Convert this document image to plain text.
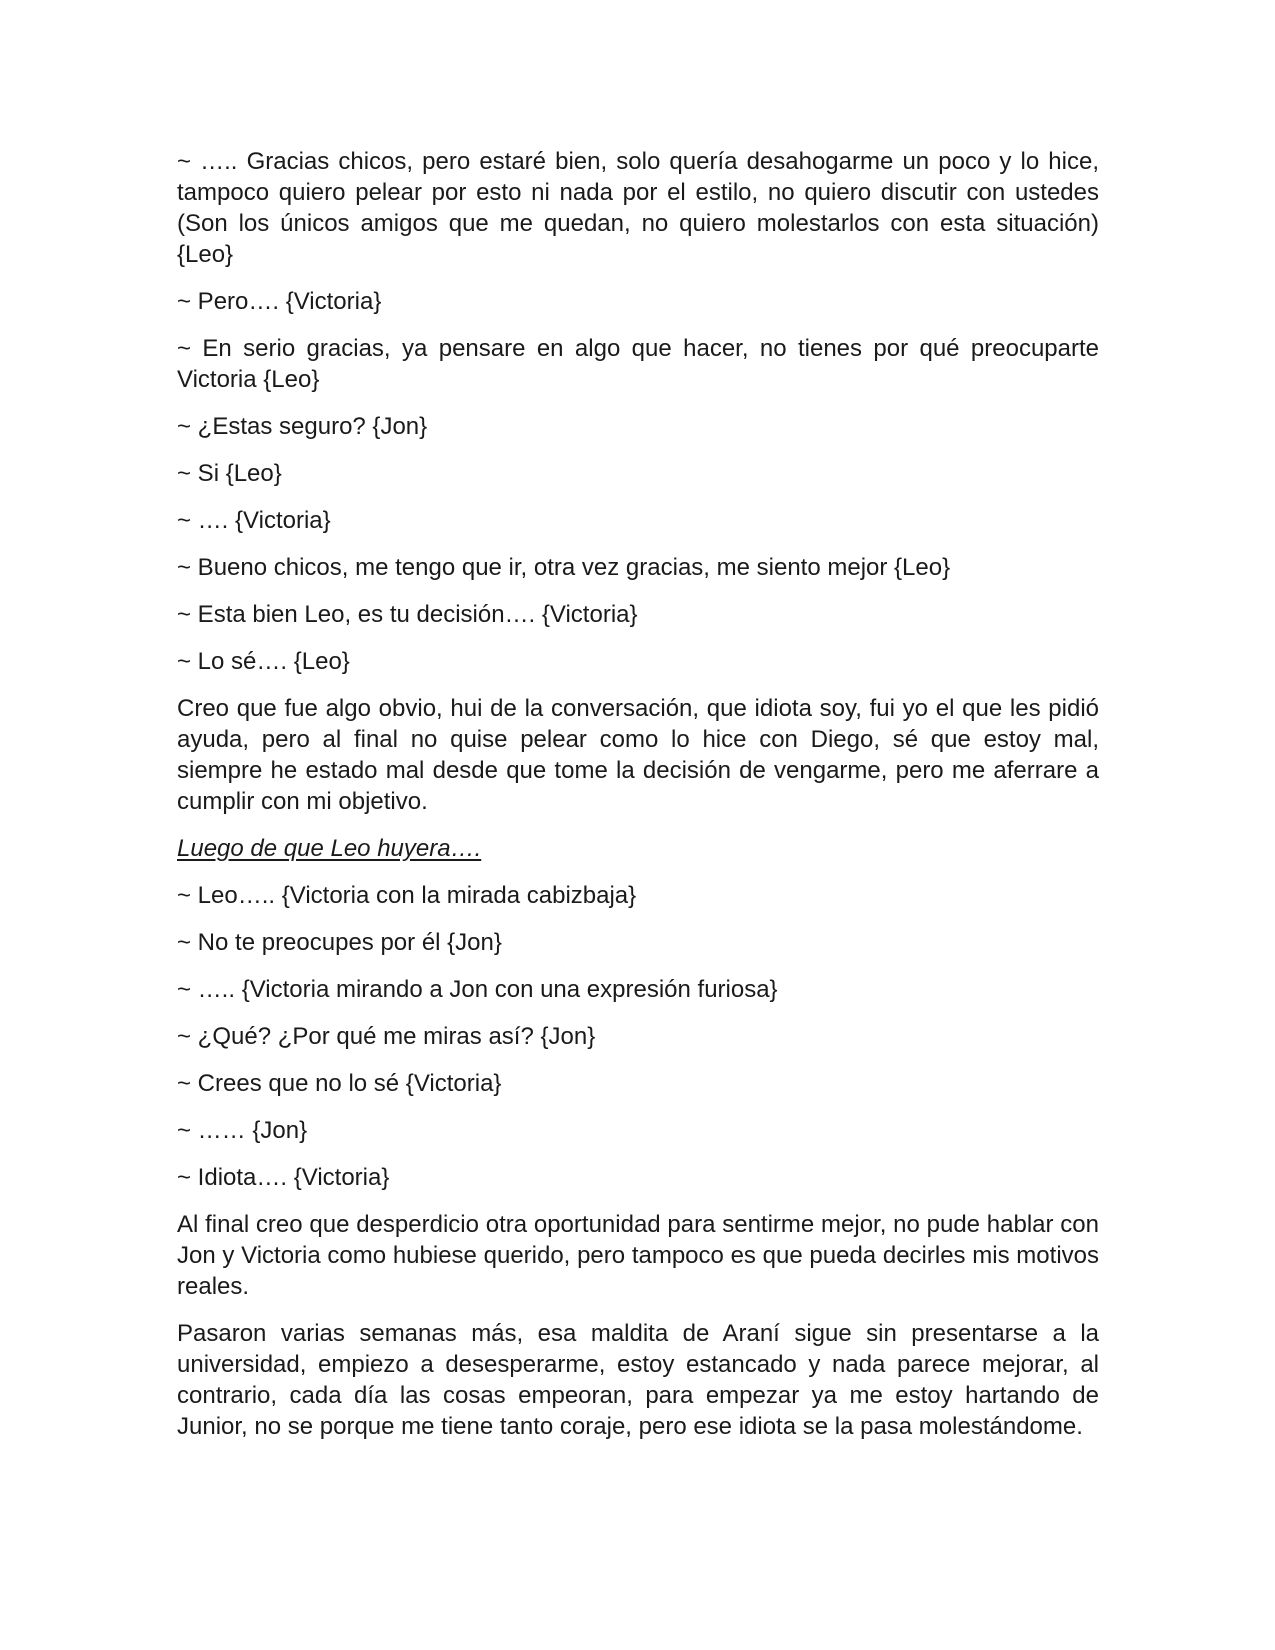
~ ….. Gracias chicos, pero estaré bien, solo quería desahogarme un poco y lo hice, tampoco quiero pelear por esto ni nada por el estilo, no quiero discutir con ustedes (Son los únicos amigos que me quedan, no quiero molestarlos con esta situación) {Leo}

~ Pero…. {Victoria}

~ En serio gracias, ya pensare en algo que hacer, no tienes por qué preocuparte Victoria {Leo}

~ ¿Estas seguro? {Jon}

~ Si {Leo}

~ …. {Victoria}

~ Bueno chicos, me tengo que ir, otra vez gracias, me siento mejor {Leo}

~ Esta bien Leo, es tu decisión…. {Victoria}

~ Lo sé…. {Leo}

Creo que fue algo obvio, hui de la conversación, que idiota soy, fui yo el que les pidió ayuda, pero al final no quise pelear como lo hice con Diego, sé que estoy mal, siempre he estado mal desde que tome la decisión de vengarme, pero me aferrare a cumplir con mi objetivo.

Luego de que Leo huyera….

~ Leo….. {Victoria con la mirada cabizbaja}

~ No te preocupes por él {Jon}

~ ….. {Victoria mirando a Jon con una expresión furiosa}

~ ¿Qué? ¿Por qué me miras así? {Jon}

~ Crees que no lo sé {Victoria}

~ …… {Jon}

~ Idiota…. {Victoria}

Al final creo que desperdicio otra oportunidad para sentirme mejor, no pude hablar con Jon y Victoria como hubiese querido, pero tampoco es que pueda decirles mis motivos reales.

Pasaron varias semanas más, esa maldita de Araní sigue sin presentarse a la universidad, empiezo a desesperarme, estoy estancado y nada parece mejorar, al contrario, cada día las cosas empeoran, para empezar ya me estoy hartando de Junior, no se porque me tiene tanto coraje, pero ese idiota se la pasa molestándome.
